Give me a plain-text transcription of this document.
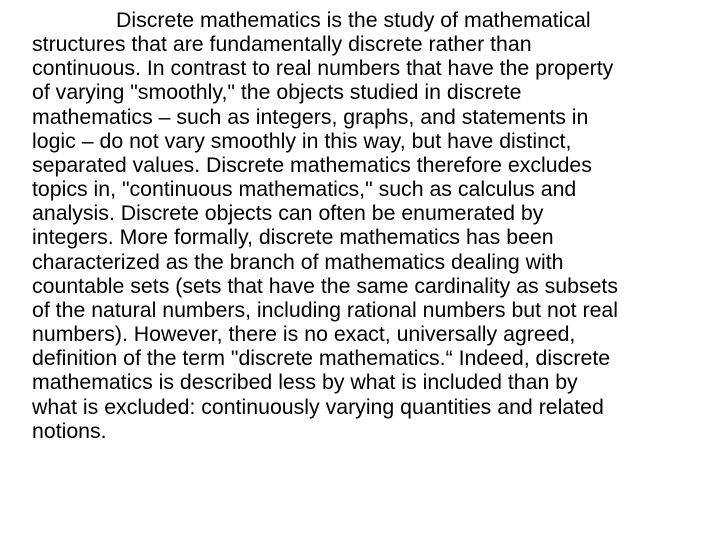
Discrete mathematics is the study of mathematical
structures that are fundamentally discrete rather than
continuous. In contrast to real numbers that have the property
of varying "smoothly," the objects studied in discrete
mathematics – such as integers, graphs, and statements in
logic – do not vary smoothly in this way, but have distinct,
separated values. Discrete mathematics therefore excludes
topics in, "continuous mathematics," such as calculus and
analysis. Discrete objects can often be enumerated by
integers. More formally, discrete mathematics has been
characterized as the branch of mathematics dealing with
countable sets (sets that have the same cardinality as subsets
of the natural numbers, including rational numbers but not real
numbers). However, there is no exact, universally agreed,
definition of the term "discrete mathematics.“ Indeed, discrete
mathematics is described less by what is included than by
what is excluded: continuously varying quantities and related
notions.
